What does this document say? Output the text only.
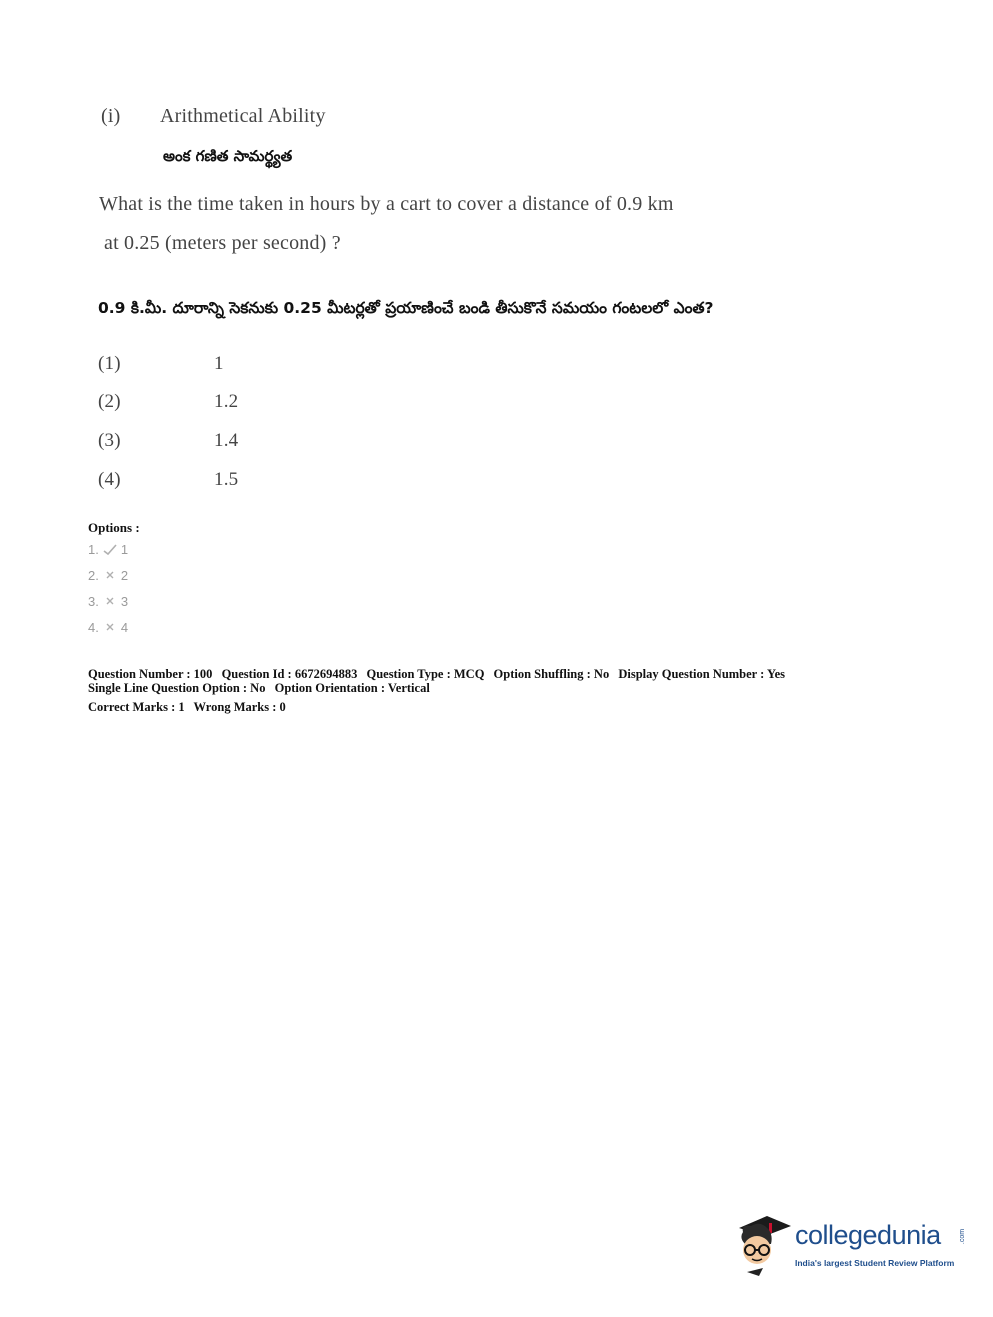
(i) Arithmetical Ability
అంక గణిత సామర్థ్యత
What is the time taken in hours by a cart to cover a distance of 0.9 km
at 0.25 (meters per second) ?
0.9 కి.మీ. దూరాన్ని సెకనుకు 0.25 మీటర్లతో ప్రయాణించే బండి తీసుకొనే సమయం గంటలలో ఎంత?
(1)	1
(2)	1.2
(3)	1.4
(4)	1.5
Options :
1. 1
2. 2
3. 3
4. 4
Question Number : 100 Question Id : 6672694883 Question Type : MCQ Option Shuffling : No Display Question Number : Yes
Single Line Question Option : No Option Orientation : Vertical
Correct Marks : 1 Wrong Marks : 0
collegedunia	.com
India's largest Student Review Platform
